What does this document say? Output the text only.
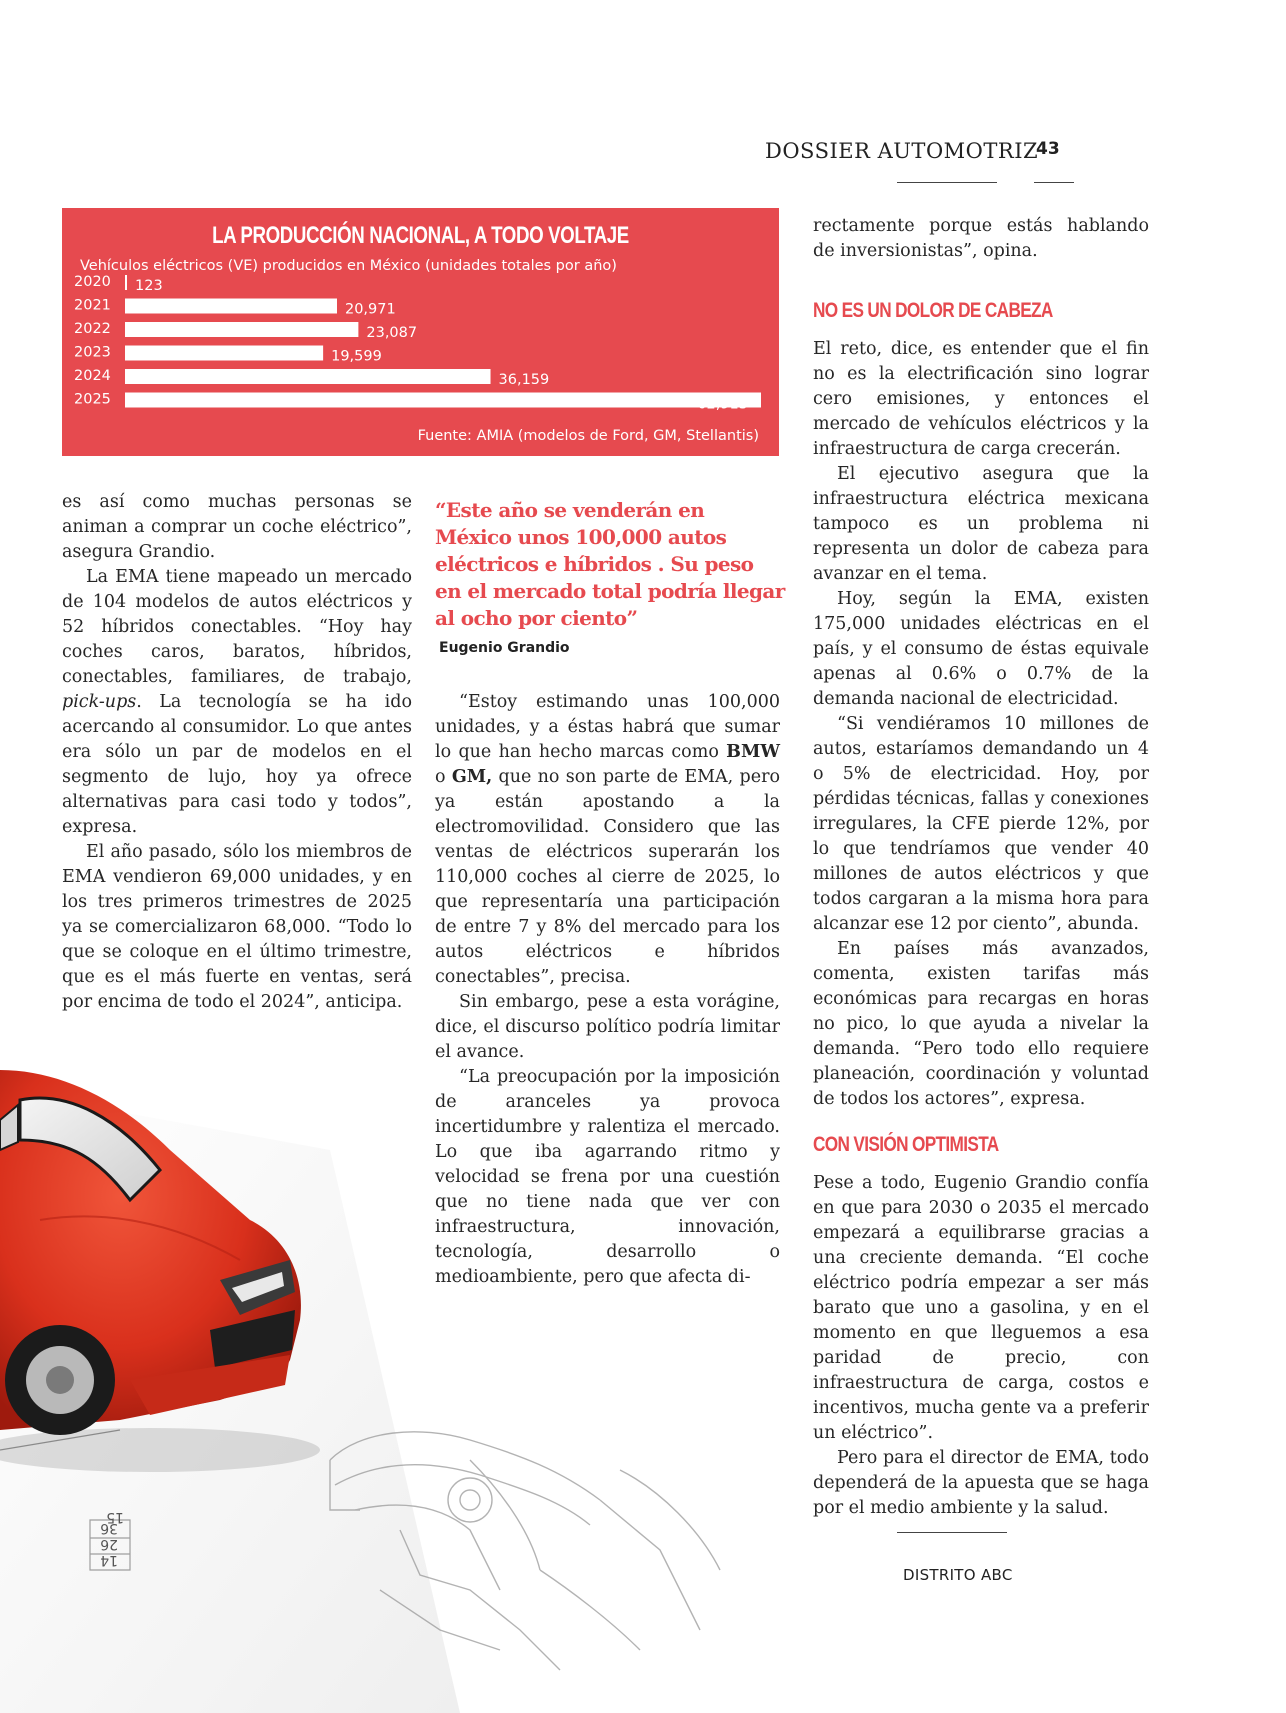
15
36
26
14
DOSSIER AUTOMOTRIZ
43
LA PRODUCCIÓN NACIONAL, A TODO VOLTAJE
Vehículos eléctricos (VE) producidos en México (unidades totales por año)
2020 123
2021	20,971
2022	23,087
2023	19,599
2024	36,159
2025	62,915
Fuente: AMIA (modelos de Ford, GM, Stellantis)

es así como muchas personas se animan a comprar un coche eléctrico”, asegura Grandio.

La EMA tiene mapeado un mercado de 104 modelos de autos eléctricos y 52 híbridos conectables. “Hoy hay coches caros, baratos, híbridos, conectables, familiares, de trabajo, pick-ups. La tecnología se ha ido acercando al consumidor. Lo que antes era sólo un par de modelos en el segmento de lujo, hoy ya ofrece alternativas para casi todo y todos”, expresa.

El año pasado, sólo los miembros de EMA vendieron 69,000 unidades, y en los tres primeros trimestres de 2025 ya se comercializaron 68,000. “Todo lo que se coloque en el último trimestre, que es el más fuerte en ventas, será por encima de todo el 2024”, anticipa.

“Este año se venderán en México unos 100,000 autos eléctricos e híbridos . Su peso en el mercado total podría llegar al ocho por ciento”
Eugenio Grandio

“Estoy estimando unas 100,000 unidades, y a éstas habrá que sumar lo que han hecho marcas como BMW o GM, que no son parte de EMA, pero ya están apostando a la electromovilidad. Considero que las ventas de eléctricos superarán los 110,000 coches al cierre de 2025, lo que representaría una participación de entre 7 y 8% del mercado para los autos eléctricos e híbridos conectables”, precisa.

Sin embargo, pese a esta vorágine, dice, el discurso político podría limitar el avance.

“La preocupación por la imposición de aranceles ya provoca incertidumbre y ralentiza el mercado. Lo que iba agarrando ritmo y velocidad se frena por una cuestión que no tiene nada que ver con infraestructura, innovación, tecnología, desarrollo o medioambiente, pero que afecta di-

rectamente porque estás hablando de inversionistas”, opina.

NO ES UN DOLOR DE CABEZA

El reto, dice, es entender que el fin no es la electrificación sino lograr cero emisiones, y entonces el mercado de vehículos eléctricos y la infraestructura de carga crecerán.

El ejecutivo asegura que la infraestructura eléctrica mexicana tampoco es un problema ni representa un dolor de cabeza para avanzar en el tema.

Hoy, según la EMA, existen 175,000 unidades eléctricas en el país, y el consumo de éstas equivale apenas al 0.6% o 0.7% de la demanda nacional de electricidad.

“Si vendiéramos 10 millones de autos, estaríamos demandando un 4 o 5% de electricidad. Hoy, por pérdidas técnicas, fallas y conexiones irregulares, la CFE pierde 12%, por lo que tendríamos que vender 40 millones de autos eléctricos y que todos cargaran a la misma hora para alcanzar ese 12 por ciento”, abunda.

En países más avanzados, comenta, existen tarifas más económicas para recargas en horas no pico, lo que ayuda a nivelar la demanda. “Pero todo ello requiere planeación, coordinación y voluntad de todos los actores”, expresa.

CON VISIÓN OPTIMISTA

Pese a todo, Eugenio Grandio confía en que para 2030 o 2035 el mercado empezará a equilibrarse gracias a una creciente demanda. “El coche eléctrico podría empezar a ser más barato que uno a gasolina, y en el momento en que lleguemos a esa paridad de precio, con infraestructura de carga, costos e incentivos, mucha gente va a preferir un eléctrico”.

Pero para el director de EMA, todo dependerá de la apuesta que se haga por el medio ambiente y la salud.

DISTRITO ABC
